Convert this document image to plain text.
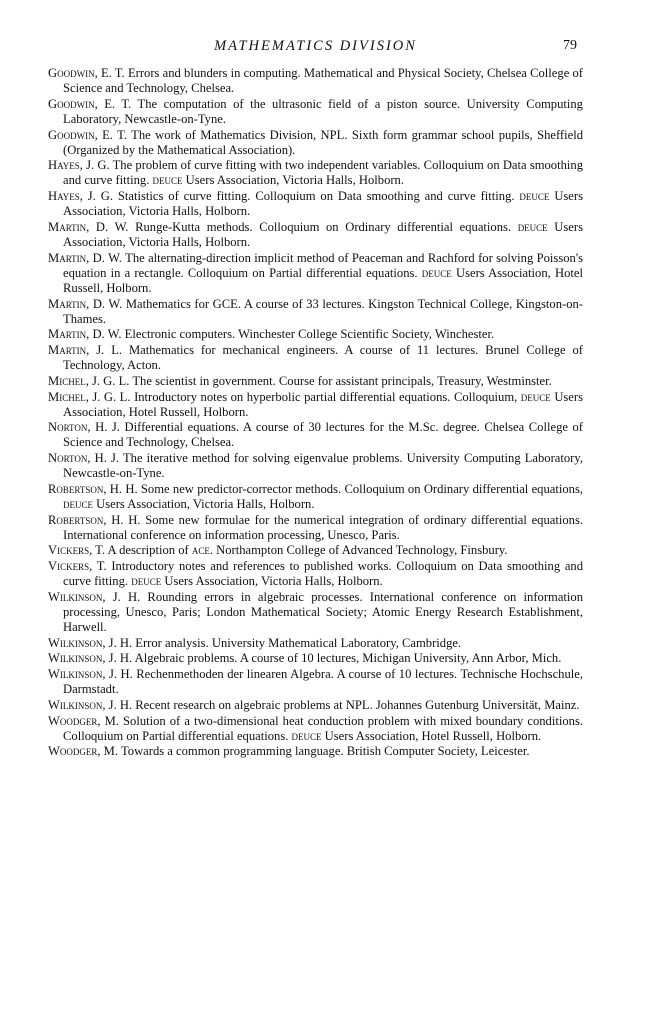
MATHEMATICS DIVISION	79

Goodwin, E. T. Errors and blunders in computing. Mathematical and Physical Society, Chelsea College of Science and Technology, Chelsea.

Goodwin, E. T. The computation of the ultrasonic field of a piston source. University Computing Laboratory, Newcastle-on-Tyne.

Goodwin, E. T. The work of Mathematics Division, NPL. Sixth form grammar school pupils, Sheffield (Organized by the Mathematical Association).

Hayes, J. G. The problem of curve fitting with two independent variables. Colloquium on Data smoothing and curve fitting. deuce Users Association, Victoria Halls, Holborn.

Hayes, J. G. Statistics of curve fitting. Colloquium on Data smoothing and curve fitting. deuce Users Association, Victoria Halls, Holborn.

Martin, D. W. Runge-Kutta methods. Colloquium on Ordinary differential equations. deuce Users Association, Victoria Halls, Holborn.

Martin, D. W. The alternating-direction implicit method of Peaceman and Rachford for solving Poisson's equation in a rectangle. Colloquium on Partial differential equations. deuce Users Association, Hotel Russell, Holborn.

Martin, D. W. Mathematics for GCE. A course of 33 lectures. Kingston Technical College, Kingston-on-Thames.

Martin, D. W. Electronic computers. Winchester College Scientific Society, Winchester.

Martin, J. L. Mathematics for mechanical engineers. A course of 11 lectures. Brunel College of Technology, Acton.

Michel, J. G. L. The scientist in government. Course for assistant principals, Treasury, Westminster.

Michel, J. G. L. Introductory notes on hyperbolic partial differential equations. Colloquium, deuce Users Association, Hotel Russell, Holborn.

Norton, H. J. Differential equations. A course of 30 lectures for the M.Sc. degree. Chelsea College of Science and Technology, Chelsea.

Norton, H. J. The iterative method for solving eigenvalue problems. University Computing Laboratory, Newcastle-on-Tyne.

Robertson, H. H. Some new predictor-corrector methods. Colloquium on Ordinary differential equations, deuce Users Association, Victoria Halls, Holborn.

Robertson, H. H. Some new formulae for the numerical integration of ordinary differential equations. International conference on information processing, Unesco, Paris.

Vickers, T. A description of ace. Northampton College of Advanced Technology, Finsbury.

Vickers, T. Introductory notes and references to published works. Colloquium on Data smoothing and curve fitting. deuce Users Association, Victoria Halls, Holborn.

Wilkinson, J. H. Rounding errors in algebraic processes. International conference on information processing, Unesco, Paris; London Mathematical Society; Atomic Energy Research Establishment, Harwell.

Wilkinson, J. H. Error analysis. University Mathematical Laboratory, Cambridge.

Wilkinson, J. H. Algebraic problems. A course of 10 lectures, Michigan University, Ann Arbor, Mich.

Wilkinson, J. H. Rechenmethoden der linearen Algebra. A course of 10 lectures. Technische Hochschule, Darmstadt.

Wilkinson, J. H. Recent research on algebraic problems at NPL. Johannes Gutenburg Universität, Mainz.

Woodger, M. Solution of a two-dimensional heat conduction problem with mixed boundary conditions. Colloquium on Partial differential equations. deuce Users Association, Hotel Russell, Holborn.

Woodger, M. Towards a common programming language. British Computer Society, Leicester.
